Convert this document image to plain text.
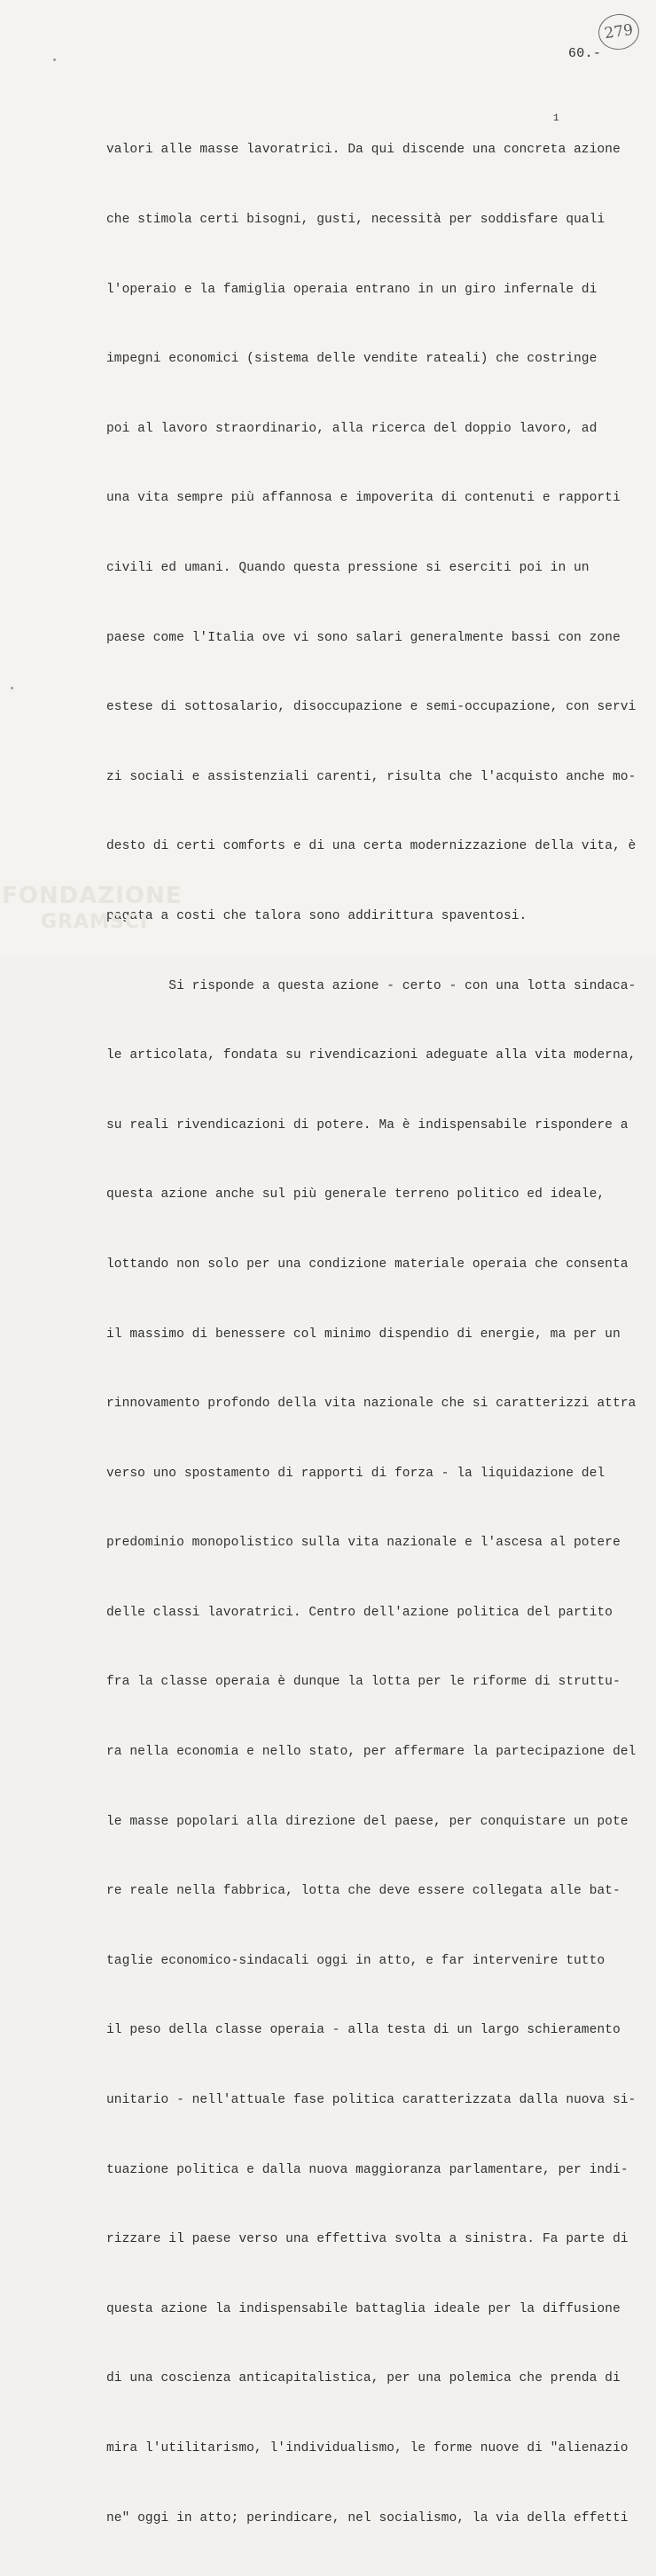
279
60.-
1

valori alle masse lavoratrici. Da qui discende una concreta azione

che stimola certi bisogni, gusti, necessità per soddisfare quali

l'operaio e la famiglia operaia entrano in un giro infernale di

impegni economici (sistema delle vendite rateali) che costringe

poi al lavoro straordinario, alla ricerca del doppio lavoro, ad

una vita sempre più affannosa e impoverita di contenuti e rapporti

civili ed umani. Quando questa pressione si eserciti poi in un

paese come l'Italia ove vi sono salari generalmente bassi con zone

estese di sottosalario, disoccupazione e semi-occupazione, con servi

zi sociali e assistenziali carenti, risulta che l'acquisto anche mo-

desto di certi comforts e di una certa modernizzazione della vita, è

pagata a costi che talora sono addirittura spaventosi.

Si risponde a questa azione - certo - con una lotta sindaca-

le articolata, fondata su rivendicazioni adeguate alla vita moderna,

su reali rivendicazioni di potere. Ma è indispensabile rispondere a

questa azione anche sul più generale terreno politico ed ideale,

lottando non solo per una condizione materiale operaia che consenta

il massimo di benessere col minimo dispendio di energie, ma per un

rinnovamento profondo della vita nazionale che si caratterizzi attra

verso uno spostamento di rapporti di forza - la liquidazione del

predominio monopolistico sulla vita nazionale e l'ascesa al potere

delle classi lavoratrici. Centro dell'azione politica del partito

fra la classe operaia è dunque la lotta per le riforme di struttu-

ra nella economia e nello stato, per affermare la partecipazione del

le masse popolari alla direzione del paese, per conquistare un pote

re reale nella fabbrica, lotta che deve essere collegata alle bat-

taglie economico-sindacali oggi in atto, e far intervenire tutto

il peso della classe operaia - alla testa di un largo schieramento

unitario - nell'attuale fase politica caratterizzata dalla nuova si-

tuazione politica e dalla nuova maggioranza parlamentare, per indi-

rizzare il paese verso una effettiva svolta a sinistra. Fa parte di

questa azione la indispensabile battaglia ideale per la diffusione

di una coscienza anticapitalistica, per una polemica che prenda di

mira l'utilitarismo, l'individualismo, le forme nuove di "alienazio

ne" oggi in atto; perindicare, nel socialismo, la via della effetti

FONDAZIONE
GRAMSCI
